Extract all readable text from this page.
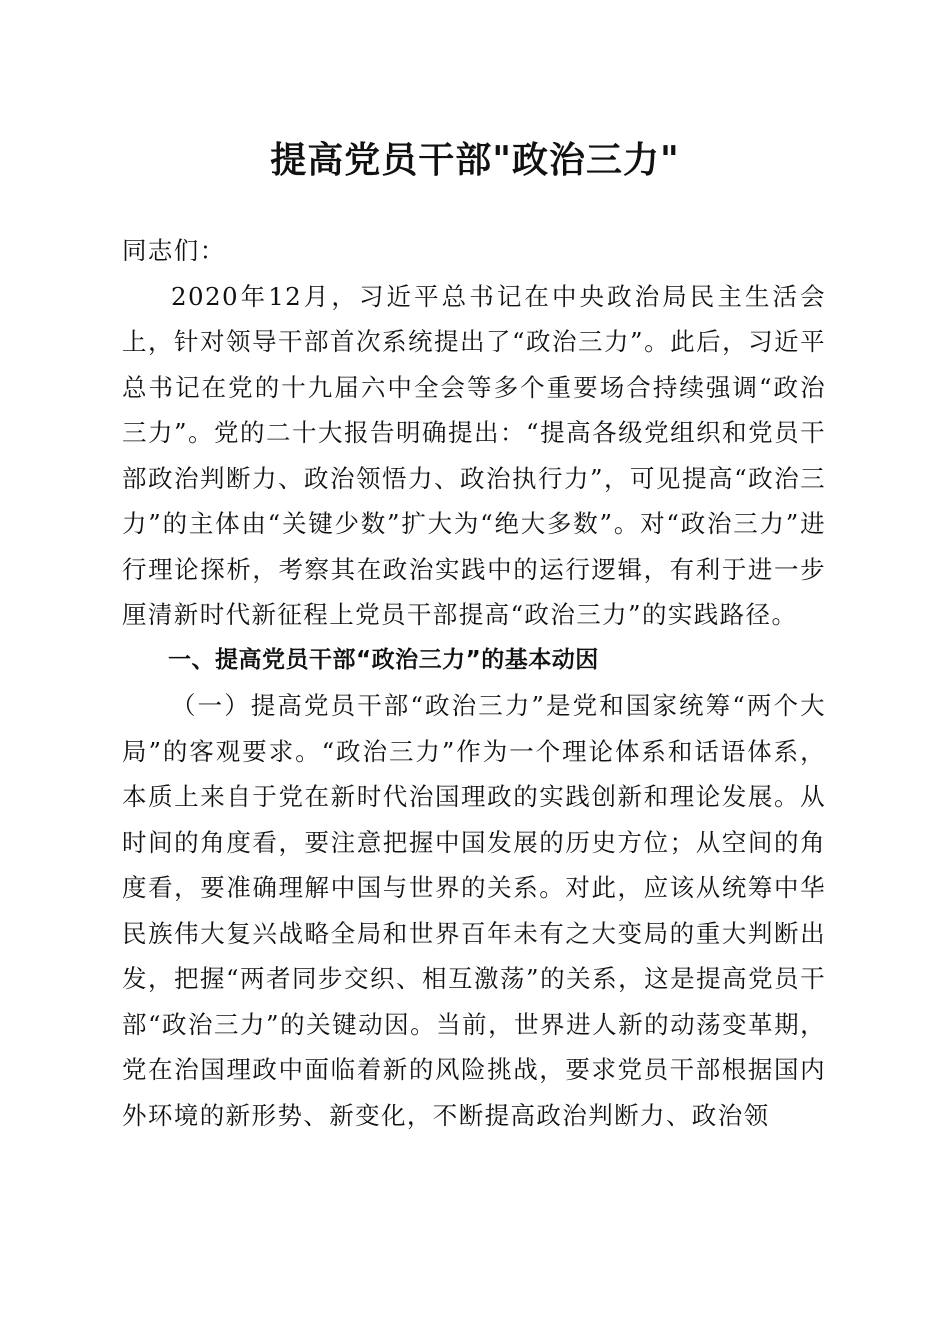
提高党员干部"政治三力"

同志们：

2020年12月，习近平总书记在中央政治局民主生活会上，针对领导干部首次系统提出了“政治三力”。此后，习近平总书记在党的十九届六中全会等多个重要场合持续强调“政治三力”。党的二十大报告明确提出：“提高各级党组织和党员干部政治判断力、政治领悟力、政治执行力”，可见提高“政治三力”的主体由“关键少数”扩大为“绝大多数”。对“政治三力”进行理论探析，考察其在政治实践中的运行逻辑，有利于进一步厘清新时代新征程上党员干部提高“政治三力”的实践路径。

一、提高党员干部“政治三力”的基本动因

（一）提高党员干部“政治三力”是党和国家统筹“两个大局”的客观要求。“政治三力”作为一个理论体系和话语体系，本质上来自于党在新时代治国理政的实践创新和理论发展。从时间的角度看，要注意把握中国发展的历史方位；从空间的角度看，要准确理解中国与世界的关系。对此，应该从统筹中华民族伟大复兴战略全局和世界百年未有之大变局的重大判断出发，把握“两者同步交织、相互激荡”的关系，这是提高党员干部“政治三力”的关键动因。当前，世界进人新的动荡变革期，党在治国理政中面临着新的风险挑战，要求党员干部根据国内外环境的新形势、新变化，不断提高政治判断力、政治领
